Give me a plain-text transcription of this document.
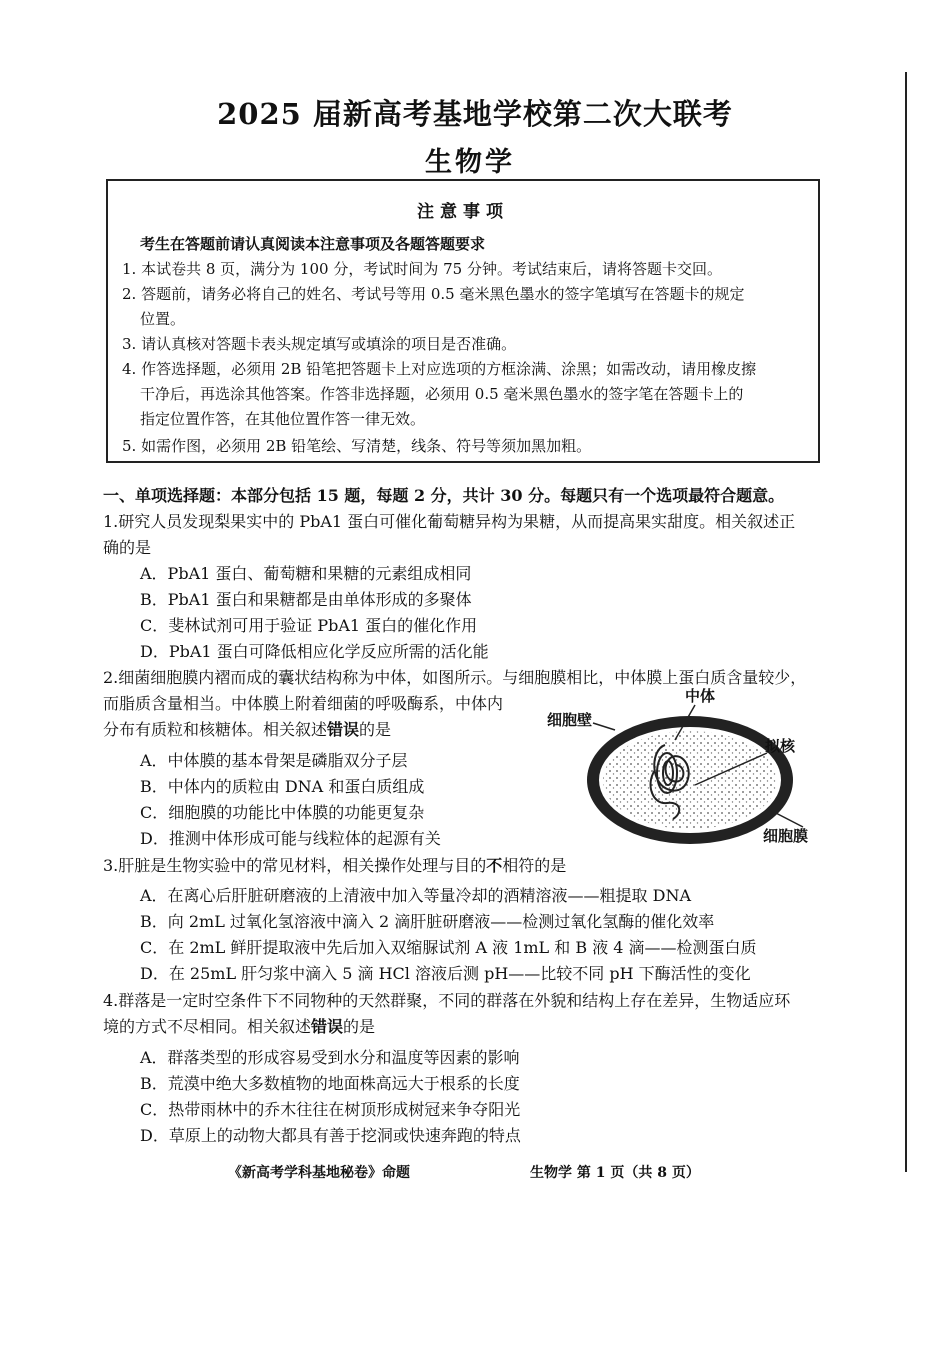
2025 届新高考基地学校第二次大联考
生物学
注意事项
考生在答题前请认真阅读本注意事项及各题答题要求
1. 本试卷共 8 页，满分为 100 分，考试时间为 75 分钟。考试结束后，请将答题卡交回。
2. 答题前，请务必将自己的姓名、考试号等用 0.5 毫米黑色墨水的签字笔填写在答题卡的规定
位置。
3. 请认真核对答题卡表头规定填写或填涂的项目是否准确。
4. 作答选择题，必须用 2B 铅笔把答题卡上对应选项的方框涂满、涂黑；如需改动，请用橡皮擦
干净后，再选涂其他答案。作答非选择题，必须用 0.5 毫米黑色墨水的签字笔在答题卡上的
指定位置作答，在其他位置作答一律无效。
5. 如需作图，必须用 2B 铅笔绘、写清楚，线条、符号等须加黑加粗。
一、单项选择题：本部分包括 15 题，每题 2 分，共计 30 分。每题只有一个选项最符合题意。
1.研究人员发现梨果实中的 PbA1 蛋白可催化葡萄糖异构为果糖，从而提高果实甜度。相关叙述正
确的是
A．PbA1 蛋白、葡萄糖和果糖的元素组成相同
B．PbA1 蛋白和果糖都是由单体形成的多聚体
C．斐林试剂可用于验证 PbA1 蛋白的催化作用
D．PbA1 蛋白可降低相应化学反应所需的活化能
2.细菌细胞膜内褶而成的囊状结构称为中体，如图所示。与细胞膜相比，中体膜上蛋白质含量较少，
而脂质含量相当。中体膜上附着细菌的呼吸酶系，中体内
分布有质粒和核糖体。相关叙述错误的是
A．中体膜的基本骨架是磷脂双分子层
B．中体内的质粒由 DNA 和蛋白质组成
C．细胞膜的功能比中体膜的功能更复杂
D．推测中体形成可能与线粒体的起源有关
中体
细胞壁
拟核
细胞膜
3.肝脏是生物实验中的常见材料，相关操作处理与目的不相符的是
A．在离心后肝脏研磨液的上清液中加入等量冷却的酒精溶液——粗提取 DNA
B．向 2mL 过氧化氢溶液中滴入 2 滴肝脏研磨液——检测过氧化氢酶的催化效率
C．在 2mL 鲜肝提取液中先后加入双缩脲试剂 A 液 1mL 和 B 液 4 滴——检测蛋白质
D．在 25mL 肝匀浆中滴入 5 滴 HCl 溶液后测 pH——比较不同 pH 下酶活性的变化
4.群落是一定时空条件下不同物种的天然群聚，不同的群落在外貌和结构上存在差异，生物适应环
境的方式不尽相同。相关叙述错误的是
A．群落类型的形成容易受到水分和温度等因素的影响
B．荒漠中绝大多数植物的地面株高远大于根系的长度
C．热带雨林中的乔木往往在树顶形成树冠来争夺阳光
D．草原上的动物大都具有善于挖洞或快速奔跑的特点
《新高考学科基地秘卷》命题	生物学 第 1 页（共 8 页）
